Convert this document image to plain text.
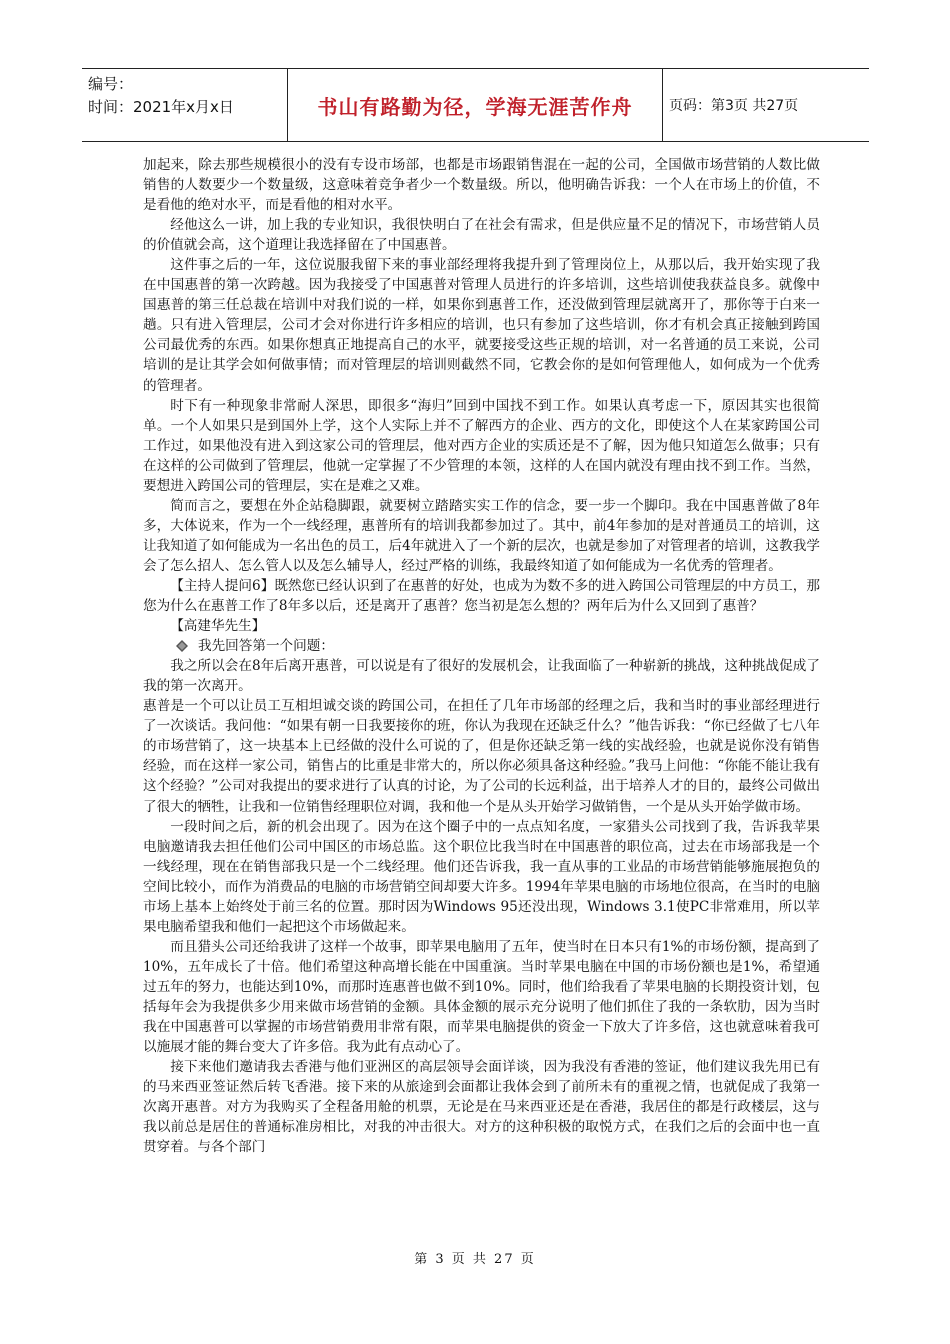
编号：
时间：2021年x月x日	书山有路勤为径，学海无涯苦作舟	页码：第3页 共27页

加起来，除去那些规模很小的没有专设市场部，也都是市场跟销售混在一起的公司，全国做市场营销的人数比做销售的人数要少一个数量级，这意味着竞争者少一个数量级。所以，他明确告诉我：一个人在市场上的价值，不是看他的绝对水平，而是看他的相对水平。

经他这么一讲，加上我的专业知识，我很快明白了在社会有需求，但是供应量不足的情况下，市场营销人员的价值就会高，这个道理让我选择留在了中国惠普。

这件事之后的一年，这位说服我留下来的事业部经理将我提升到了管理岗位上，从那以后，我开始实现了我在中国惠普的第一次跨越。因为我接受了中国惠普对管理人员进行的许多培训，这些培训使我获益良多。就像中国惠普的第三任总裁在培训中对我们说的一样，如果你到惠普工作，还没做到管理层就离开了，那你等于白来一趟。只有进入管理层，公司才会对你进行许多相应的培训，也只有参加了这些培训，你才有机会真正接触到跨国公司最优秀的东西。如果你想真正地提高自己的水平，就要接受这些正规的培训，对一名普通的员工来说，公司培训的是让其学会如何做事情；而对管理层的培训则截然不同，它教会你的是如何管理他人，如何成为一个优秀的管理者。

时下有一种现象非常耐人深思，即很多“海归”回到中国找不到工作。如果认真考虑一下，原因其实也很简单。一个人如果只是到国外上学，这个人实际上并不了解西方的企业、西方的文化，即使这个人在某家跨国公司工作过，如果他没有进入到这家公司的管理层，他对西方企业的实质还是不了解，因为他只知道怎么做事；只有在这样的公司做到了管理层，他就一定掌握了不少管理的本领，这样的人在国内就没有理由找不到工作。当然，要想进入跨国公司的管理层，实在是难之又难。

简而言之，要想在外企站稳脚跟，就要树立踏踏实实工作的信念，要一步一个脚印。我在中国惠普做了8年多，大体说来，作为一个一线经理，惠普所有的培训我都参加过了。其中，前4年参加的是对普通员工的培训，这让我知道了如何能成为一名出色的员工，后4年就进入了一个新的层次，也就是参加了对管理者的培训，这教我学会了怎么招人、怎么管人以及怎么辅导人，经过严格的训练，我最终知道了如何能成为一名优秀的管理者。

【主持人提问6】既然您已经认识到了在惠普的好处，也成为为数不多的进入跨国公司管理层的中方员工，那您为什么在惠普工作了8年多以后，还是离开了惠普？您当初是怎么想的？两年后为什么又回到了惠普？

【高建华先生】

我先回答第一个问题：

我之所以会在8年后离开惠普，可以说是有了很好的发展机会，让我面临了一种崭新的挑战，这种挑战促成了我的第一次离开。

惠普是一个可以让员工互相坦诚交谈的跨国公司，在担任了几年市场部的经理之后，我和当时的事业部经理进行了一次谈话。我问他：“如果有朝一日我要接你的班，你认为我现在还缺乏什么？”他告诉我：“你已经做了七八年的市场营销了，这一块基本上已经做的没什么可说的了，但是你还缺乏第一线的实战经验，也就是说你没有销售经验，而在这样一家公司，销售占的比重是非常大的，所以你必须具备这种经验。”我马上问他：“你能不能让我有这个经验？”公司对我提出的要求进行了认真的讨论，为了公司的长远利益，出于培养人才的目的，最终公司做出了很大的牺牲，让我和一位销售经理职位对调，我和他一个是从头开始学习做销售，一个是从头开始学做市场。

一段时间之后，新的机会出现了。因为在这个圈子中的一点点知名度，一家猎头公司找到了我，告诉我苹果电脑邀请我去担任他们公司中国区的市场总监。这个职位比我当时在中国惠普的职位高，过去在市场部我是一个一线经理，现在在销售部我只是一个二线经理。他们还告诉我，我一直从事的工业品的市场营销能够施展抱负的空间比较小，而作为消费品的电脑的市场营销空间却要大许多。1994年苹果电脑的市场地位很高，在当时的电脑市场上基本上始终处于前三名的位置。那时因为Windows 95还没出现，Windows 3.1使PC非常难用，所以苹果电脑希望我和他们一起把这个市场做起来。

而且猎头公司还给我讲了这样一个故事，即苹果电脑用了五年，使当时在日本只有1%的市场份额，提高到了10%，五年成长了十倍。他们希望这种高增长能在中国重演。当时苹果电脑在中国的市场份额也是1%，希望通过五年的努力，也能达到10%，而那时连惠普也做不到10%。同时，他们给我看了苹果电脑的长期投资计划，包括每年会为我提供多少用来做市场营销的金额。具体金额的展示充分说明了他们抓住了我的一条软肋，因为当时我在中国惠普可以掌握的市场营销费用非常有限，而苹果电脑提供的资金一下放大了许多倍，这也就意味着我可以施展才能的舞台变大了许多倍。我为此有点动心了。

接下来他们邀请我去香港与他们亚洲区的高层领导会面详谈，因为我没有香港的签证，他们建议我先用已有的马来西亚签证然后转飞香港。接下来的从旅途到会面都让我体会到了前所未有的重视之情，也就促成了我第一次离开惠普。对方为我购买了全程备用舱的机票，无论是在马来西亚还是在香港，我居住的都是行政楼层，这与我以前总是居住的普通标准房相比，对我的冲击很大。对方的这种积极的取悦方式，在我们之后的会面中也一直贯穿着。与各个部门

第 3 页 共 27 页
